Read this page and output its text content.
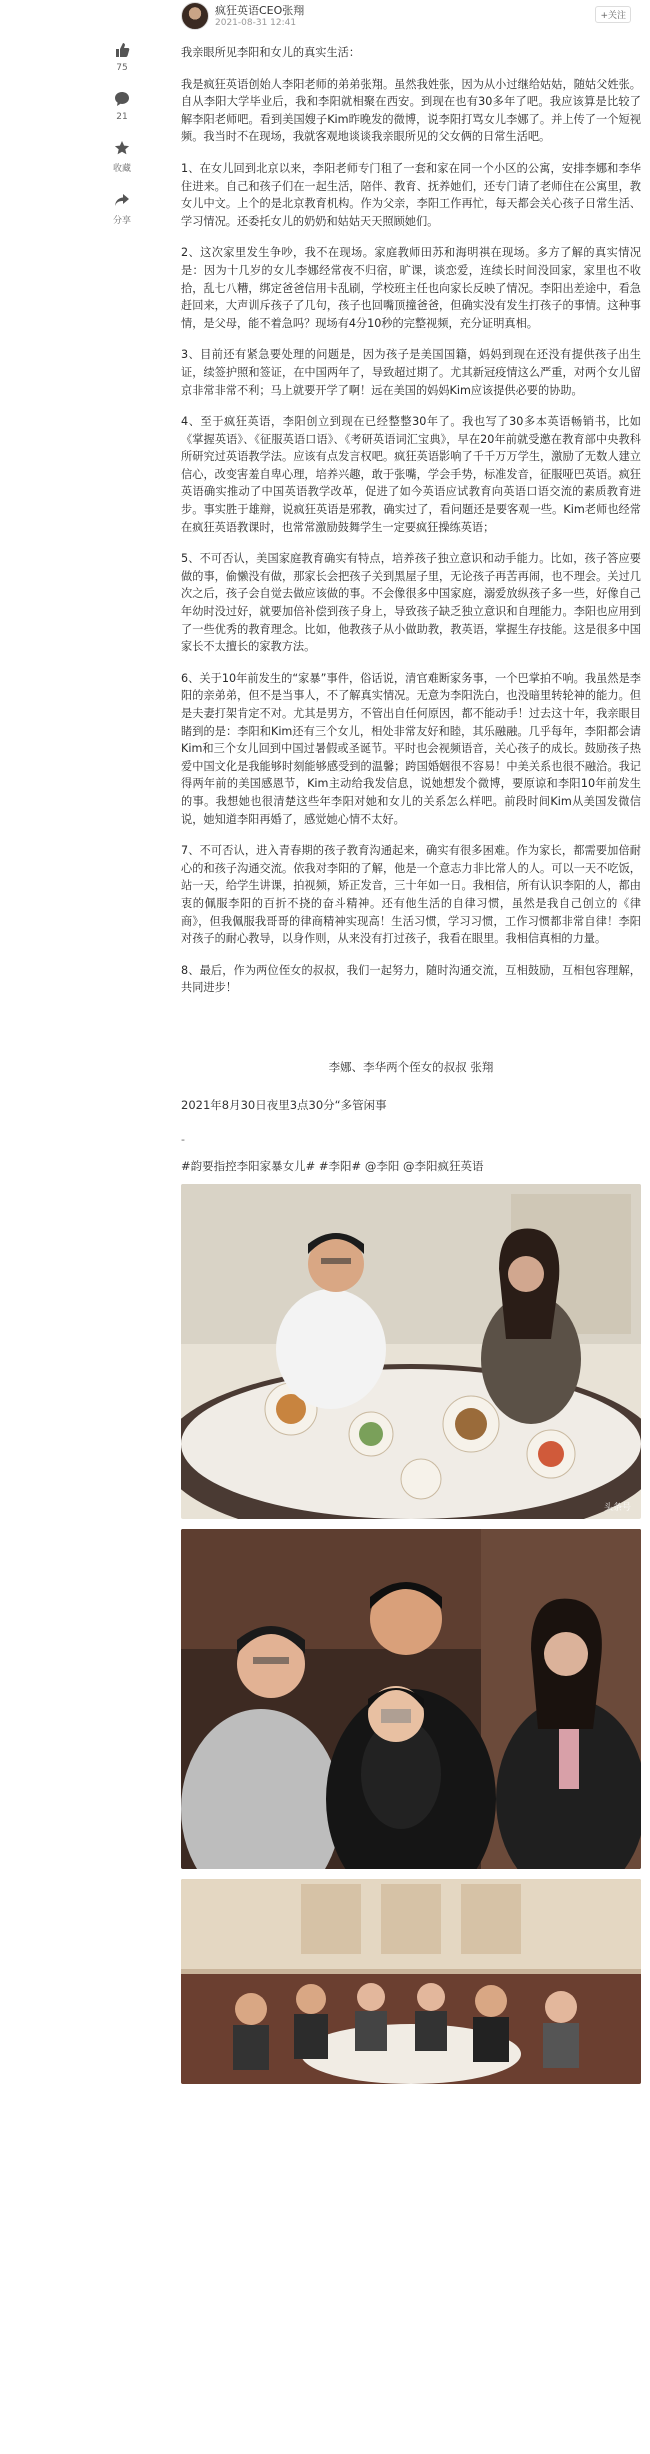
75
21
收藏
分享
疯狂英语CEO张翔
2021-08-31 12:41
+关注

我亲眼所见李阳和女儿的真实生活：

我是疯狂英语创始人李阳老师的弟弟张翔。虽然我姓张，因为从小过继给姑姑，随姑父姓张。自从李阳大学毕业后，我和李阳就相聚在西安。到现在也有30多年了吧。我应该算是比较了解李阳老师吧。看到美国嫂子Kim昨晚发的微博，说李阳打骂女儿李娜了。并上传了一个短视频。我当时不在现场，我就客观地谈谈我亲眼所见的父女俩的日常生活吧。

1、在女儿回到北京以来，李阳老师专门租了一套和家在同一个小区的公寓，安排李娜和李华住进来。自己和孩子们在一起生活，陪伴、教育、抚养她们，还专门请了老师住在公寓里，教女儿中文。上个的是北京教育机构。作为父亲，李阳工作再忙，每天都会关心孩子日常生活、学习情况。还委托女儿的奶奶和姑姑天天照顾她们。

2、这次家里发生争吵，我不在现场。家庭教师田苏和海明祺在现场。多方了解的真实情况是：因为十几岁的女儿李娜经常夜不归宿，旷课，谈恋爱，连续长时间没回家，家里也不收拾，乱七八糟，绑定爸爸信用卡乱刷，学校班主任也向家长反映了情况。李阳出差途中，看急赶回来，大声训斥孩子了几句，孩子也回嘴顶撞爸爸，但确实没有发生打孩子的事情。这种事情，是父母，能不着急吗？现场有4分10秒的完整视频，充分证明真相。

3、目前还有紧急要处理的问题是，因为孩子是美国国籍，妈妈到现在还没有提供孩子出生证，续签护照和签证，在中国两年了，导致超过期了。尤其新冠疫情这么严重，对两个女儿留京非常非常不利；马上就要开学了啊！远在美国的妈妈Kim应该提供必要的协助。

4、至于疯狂英语，李阳创立到现在已经整整30年了。我也写了30多本英语畅销书，比如《掌握英语》、《征服英语口语》、《考研英语词汇宝典》，早在20年前就受邀在教育部中央教科所研究过英语教学法。应该有点发言权吧。疯狂英语影响了千千万万学生，激励了无数人建立信心，改变害羞自卑心理，培养兴趣，敢于张嘴，学会手势，标准发音，征服哑巴英语。疯狂英语确实推动了中国英语教学改革，促进了如今英语应试教育向英语口语交流的素质教育进步。事实胜于雄辩，说疯狂英语是邪教，确实过了，看问题还是要客观一些。Kim老师也经常在疯狂英语教课时，也常常激励鼓舞学生一定要疯狂操练英语；

5、不可否认，美国家庭教育确实有特点，培养孩子独立意识和动手能力。比如，孩子答应要做的事，偷懒没有做，那家长会把孩子关到黑屋子里，无论孩子再苦再闹，也不理会。关过几次之后，孩子会自觉去做应该做的事。不会像很多中国家庭，溺爱放纵孩子多一些，好像自己年幼时没过好，就要加倍补偿到孩子身上，导致孩子缺乏独立意识和自理能力。李阳也应用到了一些优秀的教育理念。比如，他教孩子从小做助教，教英语，掌握生存技能。这是很多中国家长不太擅长的家教方法。

6、关于10年前发生的“家暴”事件，俗话说，清官难断家务事，一个巴掌拍不响。我虽然是李阳的亲弟弟，但不是当事人，不了解真实情况。无意为李阳洗白，也没暗里转轮神的能力。但是夫妻打架肯定不对。尤其是男方，不管出自任何原因，都不能动手！过去这十年，我亲眼目睹到的是：李阳和Kim还有三个女儿，相处非常友好和睦，其乐融融。几乎每年，李阳都会请Kim和三个女儿回到中国过暑假或圣诞节。平时也会视频语音，关心孩子的成长。鼓励孩子热爱中国文化是我能够时刻能够感受到的温馨；跨国婚姻很不容易！中美关系也很不融洽。我记得两年前的美国感恩节，Kim主动给我发信息，说她想发个微博，要原谅和李阳10年前发生的事。我想她也很清楚这些年李阳对她和女儿的关系怎么样吧。前段时间Kim从美国发微信说，她知道李阳再婚了，感觉她心情不太好。

7、不可否认，进入青春期的孩子教育沟通起来，确实有很多困难。作为家长，都需要加倍耐心的和孩子沟通交流。依我对李阳的了解，他是一个意志力非比常人的人。可以一天不吃饭，站一天，给学生讲课，拍视频，矫正发音，三十年如一日。我相信，所有认识李阳的人，都由衷的佩服李阳的百折不挠的奋斗精神。还有他生活的自律习惯，虽然是我自己创立的《律商》，但我佩服我哥哥的律商精神实现高！生活习惯，学习习惯，工作习惯都非常自律！李阳对孩子的耐心教导，以身作则，从来没有打过孩子，我看在眼里。我相信真相的力量。

8、最后，作为两位侄女的叔叔，我们一起努力，随时沟通交流，互相鼓励，互相包容理解，共同进步！

李娜、李华两个侄女的叔叔 张翔
2021年8月30日夜里3点30分“多管闲事
-
#韵要指控李阳家暴女儿# #李阳# @李阳 @李阳疯狂英语
头条号
